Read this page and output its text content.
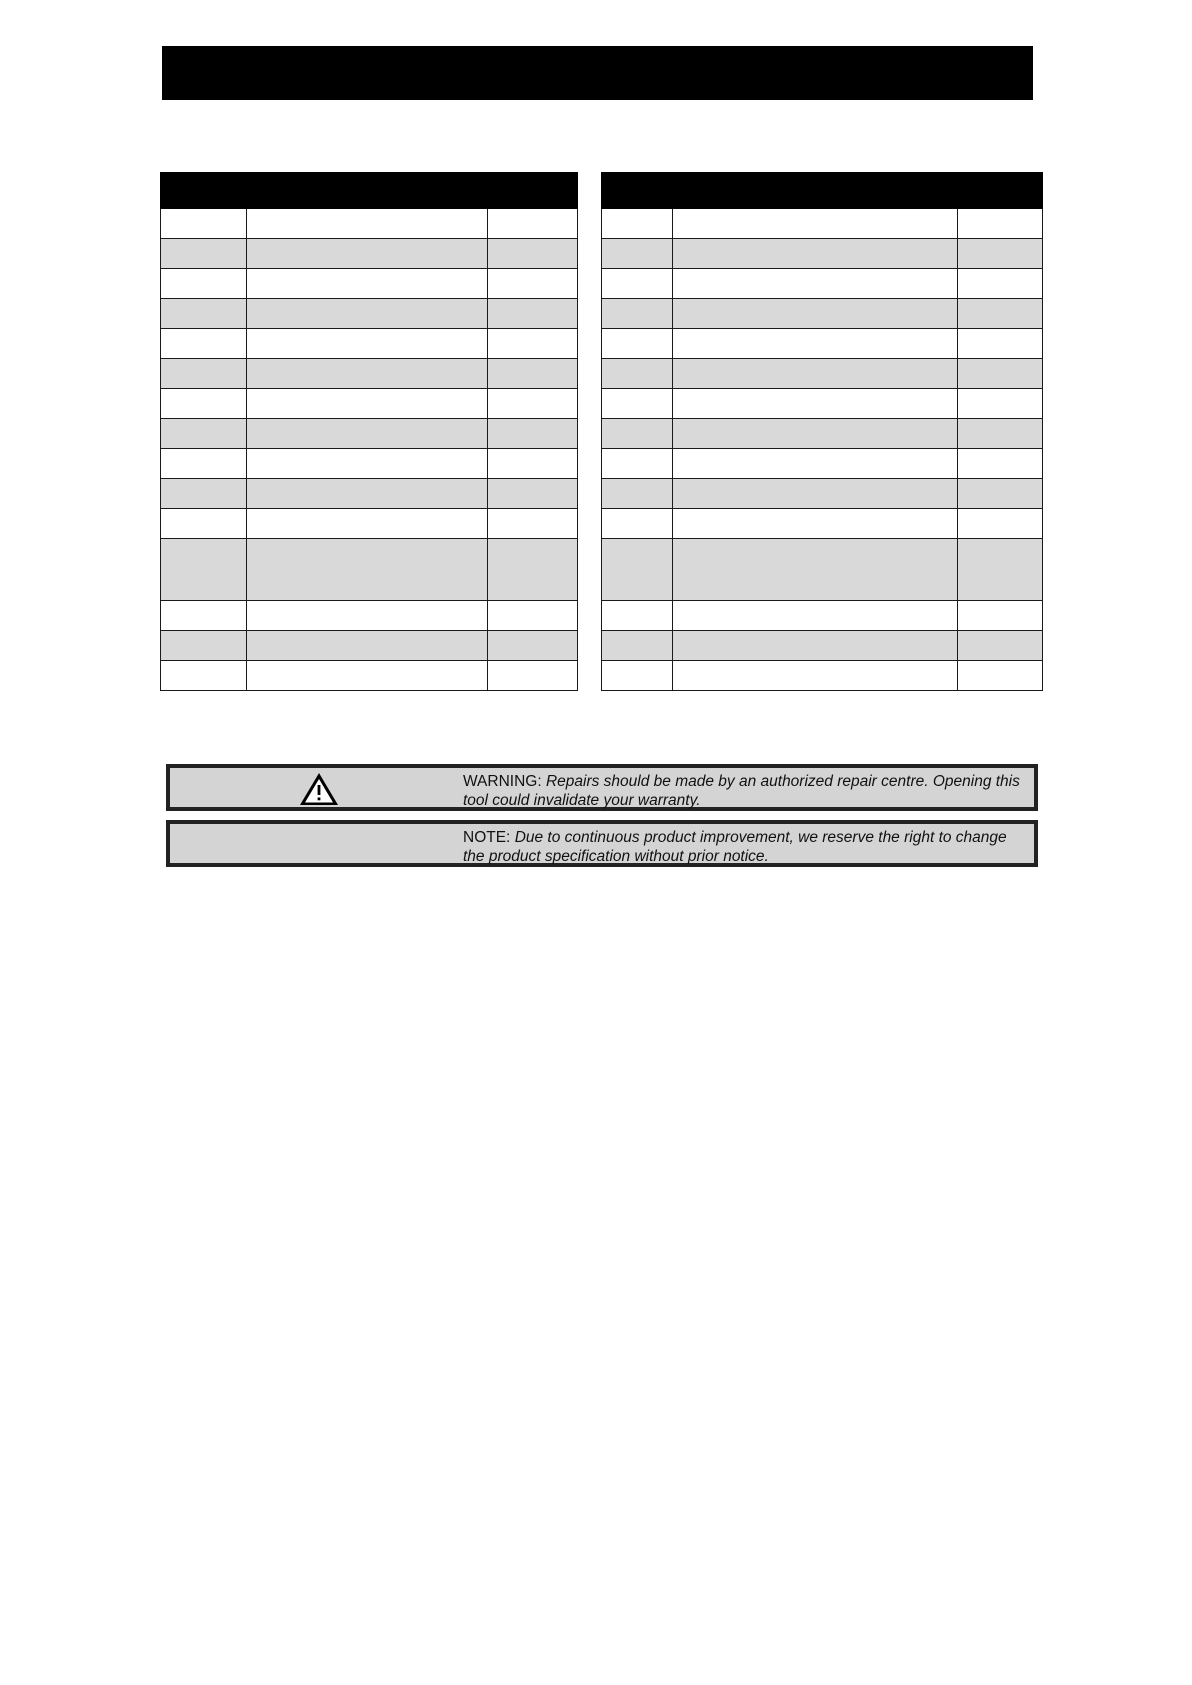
WARNING: Repairs should be made by an authorized repair centre. Opening this tool could invalidate your warranty.
NOTE: Due to continuous product improvement, we reserve the right to change the product specification without prior notice.
